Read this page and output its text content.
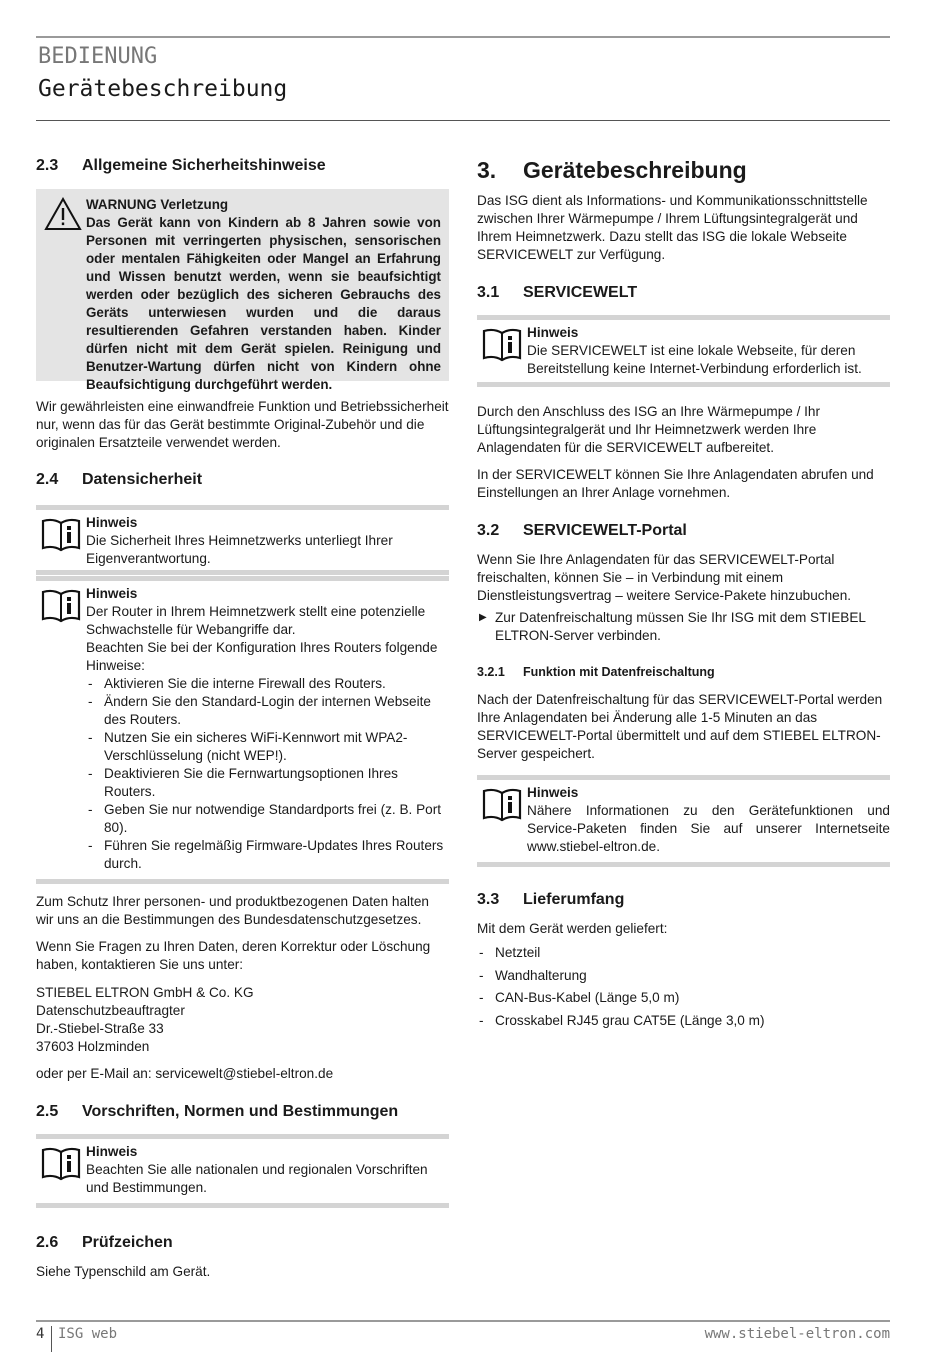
BEDIENUNG
Gerätebeschreibung
2.3	Allgemeine Sicherheitshinweise

WARNUNG Verletzung

Das Gerät kann von Kindern ab 8 Jahren sowie von Personen mit verringerten physischen, sensorischen oder mentalen Fähigkeiten oder Mangel an Erfahrung und Wissen benutzt werden, wenn sie beaufsichtigt werden oder bezüglich des sicheren Gebrauchs des Geräts unterwiesen wurden und die daraus resultierenden Gefahren verstanden haben. Kinder dürfen nicht mit dem Gerät spielen. Reinigung und Benutzer-Wartung dürfen nicht von Kindern ohne Beaufsichtigung durchgeführt werden.

Wir gewährleisten eine einwandfreie Funktion und Betriebssicherheit nur, wenn das für das Gerät bestimmte Original-Zubehör und die originalen Ersatzteile verwendet werden.

2.4	Datensicherheit

Hinweis

Die Sicherheit Ihres Heimnetzwerks unterliegt Ihrer Eigenverantwortung.

Hinweis

Der Router in Ihrem Heimnetzwerk stellt eine potenzielle Schwachstelle für Webangriffe dar.

Beachten Sie bei der Konfiguration Ihres Routers folgende Hinweise:

- Aktivieren Sie die interne Firewall des Routers.
- Ändern Sie den Standard-Login der internen Webseite des Routers.
- Nutzen Sie ein sicheres WiFi-Kennwort mit WPA2-Verschlüsselung (nicht WEP!).
- Deaktivieren Sie die Fernwartungsoptionen Ihres Routers.
- Geben Sie nur notwendige Standardports frei (z. B. Port 80).
- Führen Sie regelmäßig Firmware-Updates Ihres Routers durch.

Zum Schutz Ihrer personen- und produktbezogenen Daten halten wir uns an die Bestimmungen des Bundesdatenschutzgesetzes.

Wenn Sie Fragen zu Ihren Daten, deren Korrektur oder Löschung haben, kontaktieren Sie uns unter:

STIEBEL ELTRON GmbH & Co. KG

Datenschutzbeauftragter

Dr.-Stiebel-Straße 33

37603 Holzminden

oder per E-Mail an: servicewelt@stiebel-eltron.de

2.5	Vorschriften, Normen und Bestimmungen

Hinweis

Beachten Sie alle nationalen und regionalen Vorschriften und Bestimmungen.

2.6	Prüfzeichen

Siehe Typenschild am Gerät.

3.	Gerätebeschreibung

Das ISG dient als Informations- und Kommunikationsschnittstelle zwischen Ihrer Wärmepumpe / Ihrem Lüftungsintegralgerät und Ihrem Heimnetzwerk. Dazu stellt das ISG die lokale Webseite SERVICEWELT zur Verfügung.

3.1	SERVICEWELT

Hinweis

Die SERVICEWELT ist eine lokale Webseite, für deren Bereitstellung keine Internet-Verbindung erforderlich ist.

Durch den Anschluss des ISG an Ihre Wärmepumpe / Ihr Lüftungsintegralgerät und Ihr Heimnetzwerk werden Ihre Anlagendaten für die SERVICEWELT aufbereitet.

In der SERVICEWELT können Sie Ihre Anlagendaten abrufen und Einstellungen an Ihrer Anlage vornehmen.

3.2	SERVICEWELT-Portal

Wenn Sie Ihre Anlagendaten für das SERVICEWELT-Portal freischalten, können Sie – in Verbindung mit einem Dienstleistungsvertrag – weitere Service-Pakete hinzubuchen.

▶ Zur Datenfreischaltung müssen Sie Ihr ISG mit dem STIEBEL ELTRON-Server verbinden.

3.2.1	Funktion mit Datenfreischaltung

Nach der Datenfreischaltung für das SERVICEWELT-Portal werden Ihre Anlagendaten bei Änderung alle 1-5 Minuten an das SERVICEWELT-Portal übermittelt und auf dem STIEBEL ELTRON-Server gespeichert.

Hinweis

Nähere Informationen zu den Gerätefunktionen und Service-Paketen finden Sie auf unserer Internetseite www.stiebel-eltron.de.

3.3	Lieferumfang

Mit dem Gerät werden geliefert:

- Netzteil
- Wandhalterung
- CAN-Bus-Kabel (Länge 5,0 m)
- Crosskabel RJ45 grau CAT5E (Länge 3,0 m)
4 ISG web	www.stiebel-eltron.com
